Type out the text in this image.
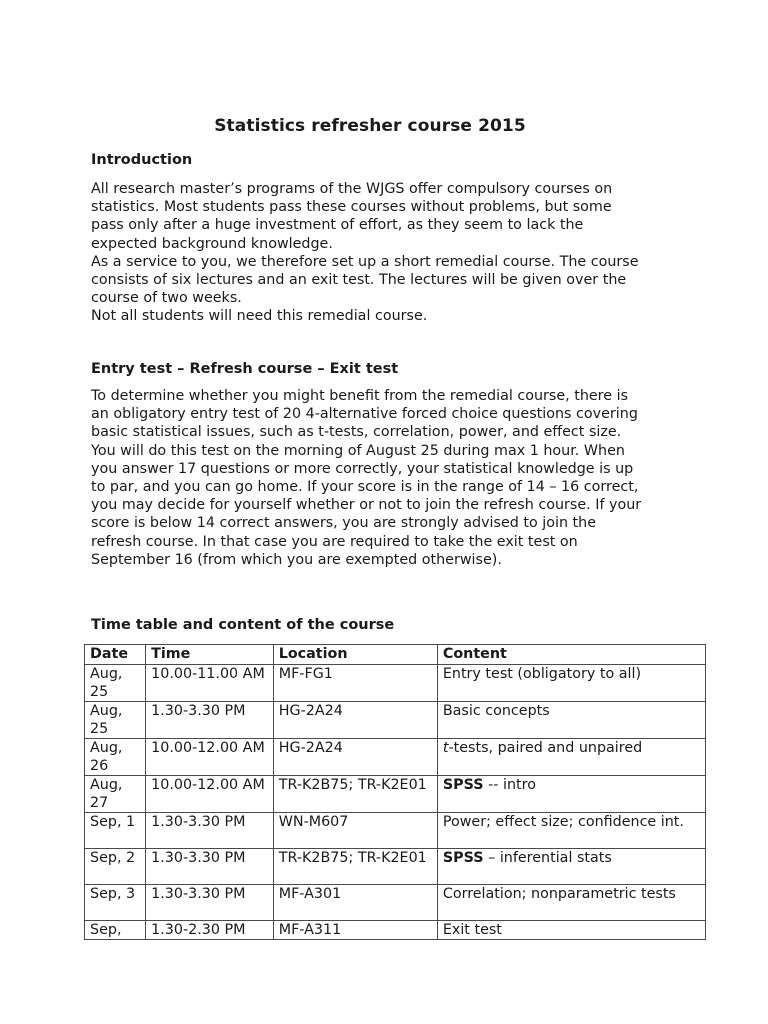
Statistics refresher course 2015
Introduction
All research master’s programs of the WJGS offer compulsory courses on
statistics. Most students pass these courses without problems, but some
pass only after a huge investment of effort, as they seem to lack the
expected background knowledge.
As a service to you, we therefore set up a short remedial course. The course
consists of six lectures and an exit test. The lectures will be given over the
course of two weeks.
Not all students will need this remedial course.
Entry test – Refresh course – Exit test
To determine whether you might benefit from the remedial course, there is
an obligatory entry test of 20 4-alternative forced choice questions covering
basic statistical issues, such as t-tests, correlation, power, and effect size.
You will do this test on the morning of August 25 during max 1 hour. When
you answer 17 questions or more correctly, your statistical knowledge is up
to par, and you can go home. If your score is in the range of 14 – 16 correct,
you may decide for yourself whether or not to join the refresh course. If your
score is below 14 correct answers, you are strongly advised to join the
refresh course. In that case you are required to take the exit test on
September 16 (from which you are exempted otherwise).
Time table and content of the course
Date	Time	Location	Content
Aug, 25	10.00-11.00 AM	MF-FG1	Entry test (obligatory to all)
Aug, 25	1.30-3.30 PM	HG-2A24	Basic concepts
Aug, 26	10.00-12.00 AM	HG-2A24	t-tests, paired and unpaired
Aug, 27	10.00-12.00 AM	TR-K2B75; TR-K2E01	SPSS -- intro
Sep, 1	1.30-3.30 PM	WN-M607	Power; effect size; confidence int.
Sep, 2	1.30-3.30 PM	TR-K2B75; TR-K2E01	SPSS – inferential stats
Sep, 3	1.30-3.30 PM	MF-A301	Correlation; nonparametric tests
Sep,	1.30-2.30 PM	MF-A311	Exit test
